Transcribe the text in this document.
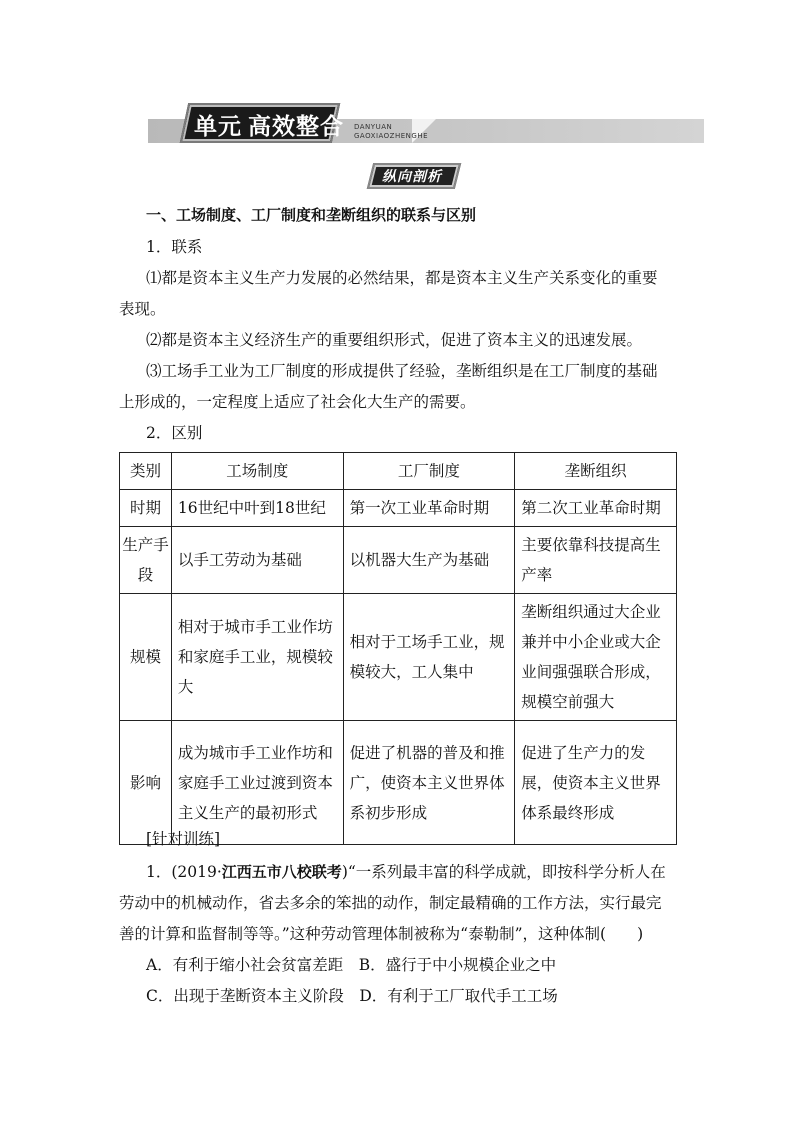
单元 高效整合 DANYUAN
GAOXIAOZHENGHE
纵向剖析
一、工场制度、工厂制度和垄断组织的联系与区别
1．联系
⑴都是资本主义生产力发展的必然结果，都是资本主义生产关系变化的重要
表现。
⑵都是资本主义经济生产的重要组织形式，促进了资本主义的迅速发展。
⑶工场手工业为工厂制度的形成提供了经验，垄断组织是在工厂制度的基础
上形成的，一定程度上适应了社会化大生产的需要。
2．区别
类别	工场制度	工厂制度	垄断组织
时期	16世纪中叶到18世纪	第一次工业革命时期	第二次工业革命时期
生产手段	以手工劳动为基础	以机器大生产为基础	主要依靠科技提高生产率
规模	相对于城市手工业作坊和家庭手工业，规模较大	相对于工场手工业，规模较大，工人集中	垄断组织通过大企业兼并中小企业或大企业间强强联合形成，规模空前强大
影响	成为城市手工业作坊和家庭手工业过渡到资本主义生产的最初形式	促进了机器的普及和推广，使资本主义世界体系初步形成	促进了生产力的发展，使资本主义世界体系最终形成
[针对训练]
1．(2019·江西五市八校联考)“一系列最丰富的科学成就，即按科学分析人在
劳动中的机械动作，省去多余的笨拙的动作，制定最精确的工作方法，实行最完
善的计算和监督制等等。”这种劳动管理体制被称为“泰勒制”，这种体制(　　)
A．有利于缩小社会贫富差距　B．盛行于中小规模企业之中
C．出现于垄断资本主义阶段　D．有利于工厂取代手工工场
